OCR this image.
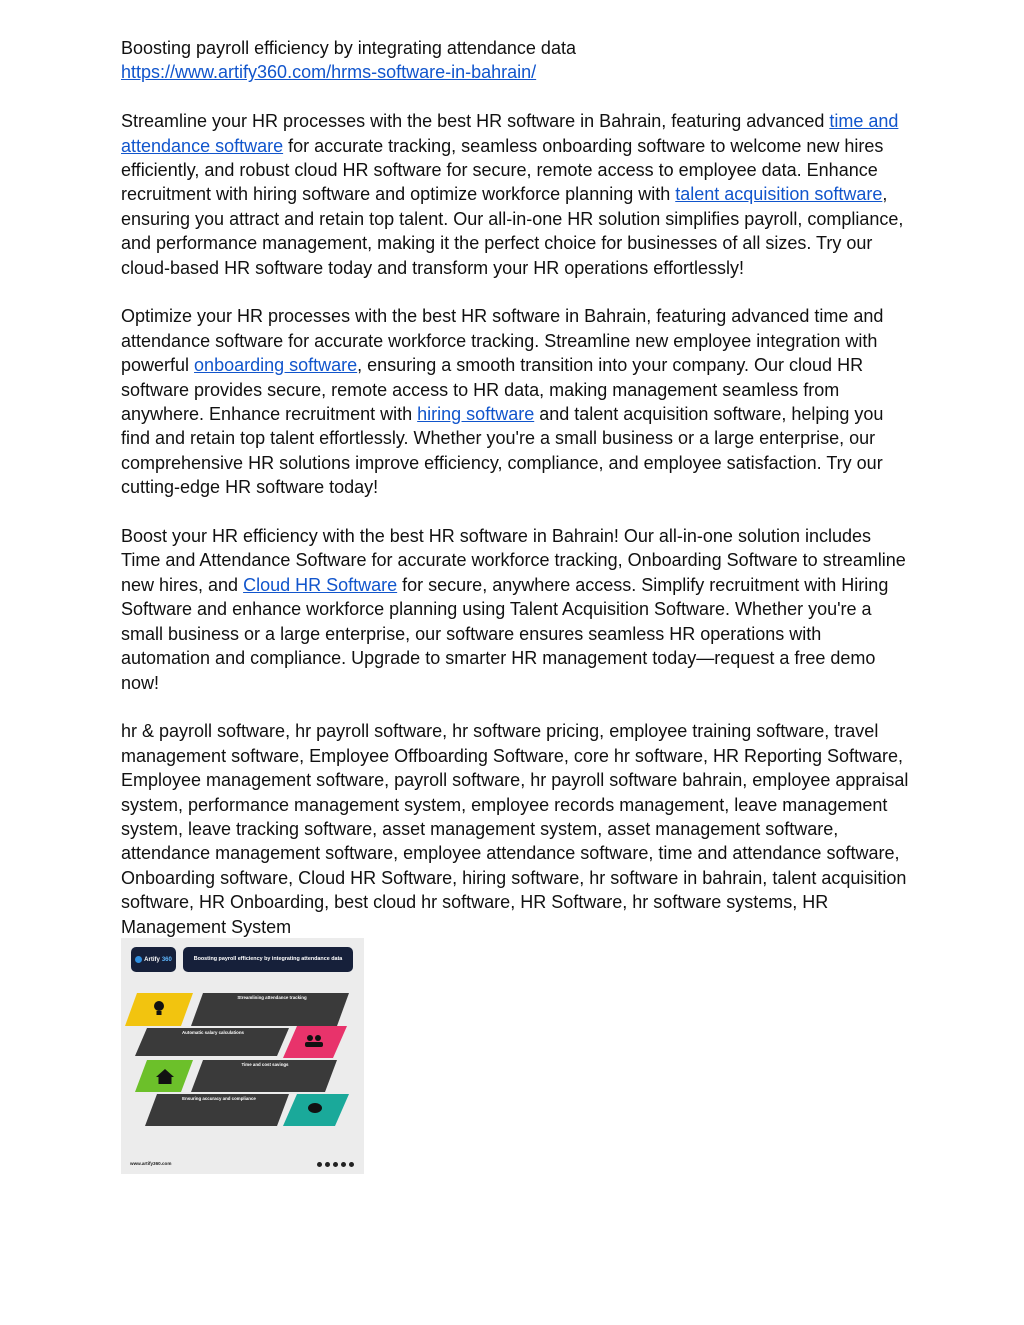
Boosting payroll efficiency by integrating attendance data

https://www.artify360.com/hrms-software-in-bahrain/

Streamline your HR processes with the best HR software in Bahrain, featuring advanced time and attendance software for accurate tracking, seamless onboarding software to welcome new hires efficiently, and robust cloud HR software for secure, remote access to employee data. Enhance recruitment with hiring software and optimize workforce planning with talent acquisition software, ensuring you attract and retain top talent. Our all-in-one HR solution simplifies payroll, compliance, and performance management, making it the perfect choice for businesses of all sizes. Try our cloud-based HR software today and transform your HR operations effortlessly!

Optimize your HR processes with the best HR software in Bahrain, featuring advanced time and attendance software for accurate workforce tracking. Streamline new employee integration with powerful onboarding software, ensuring a smooth transition into your company. Our cloud HR software provides secure, remote access to HR data, making management seamless from anywhere. Enhance recruitment with hiring software and talent acquisition software, helping you find and retain top talent effortlessly. Whether you're a small business or a large enterprise, our comprehensive HR solutions improve efficiency, compliance, and employee satisfaction. Try our cutting-edge HR software today!

Boost your HR efficiency with the best HR software in Bahrain! Our all-in-one solution includes Time and Attendance Software for accurate workforce tracking, Onboarding Software to streamline new hires, and Cloud HR Software for secure, anywhere access. Simplify recruitment with Hiring Software and enhance workforce planning using Talent Acquisition Software. Whether you're a small business or a large enterprise, our software ensures seamless HR operations with automation and compliance. Upgrade to smarter HR management today—request a free demo now!

hr & payroll software, hr payroll software, hr software pricing, employee training software, travel management software, Employee Offboarding Software, core hr software, HR Reporting Software, Employee management software, payroll software, hr payroll software bahrain, employee appraisal system, performance management system, employee records management, leave management system, leave tracking software, asset management system, asset management software, attendance management software, employee attendance software, time and attendance software, Onboarding software, Cloud HR Software, hiring software, hr software in bahrain, talent acquisition software, HR Onboarding, best cloud hr software, HR Software, hr software systems, HR Management System

Artify 360	Boosting payroll efficiency by integrating attendance data
Streamlining attendance tracking
Automatic salary calculations
Time and cost savings
Ensuring accuracy and compliance
www.artify360.com
